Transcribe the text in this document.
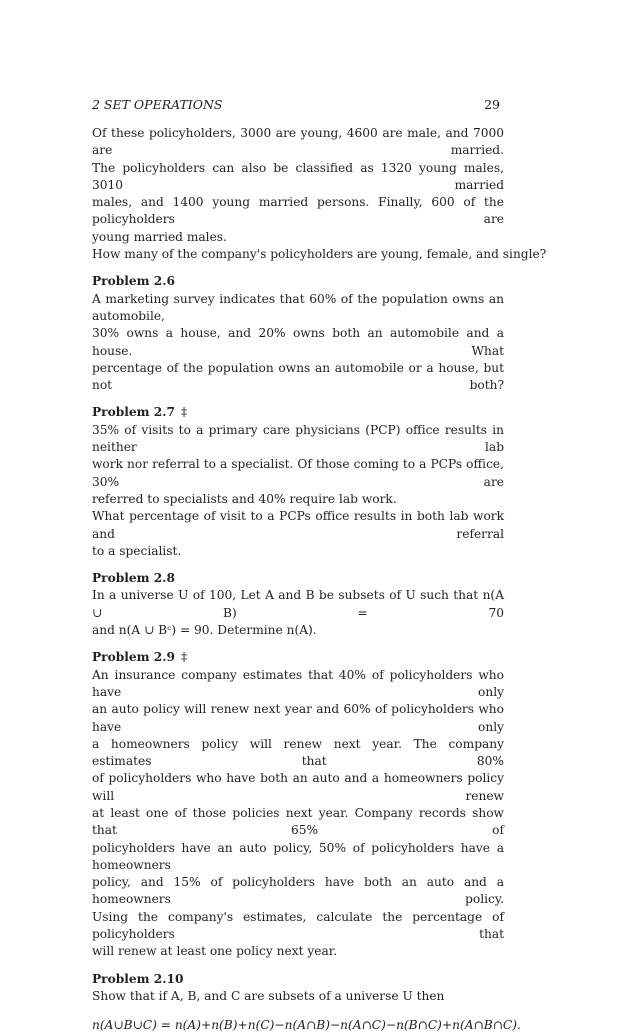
2 SET OPERATIONS	29
Of these policyholders, 3000 are young, 4600 are male, and 7000 are married.
The policyholders can also be classified as 1320 young males, 3010 married
males, and 1400 young married persons. Finally, 600 of the policyholders are
young married males.
How many of the company's policyholders are young, female, and single?
Problem 2.6
A marketing survey indicates that 60% of the population owns an automobile,
30% owns a house, and 20% owns both an automobile and a house. What
percentage of the population owns an automobile or a house, but not both?
Problem 2.7 ‡
35% of visits to a primary care physicians (PCP) office results in neither lab
work nor referral to a specialist. Of those coming to a PCPs office, 30% are
referred to specialists and 40% require lab work.
What percentage of visit to a PCPs office results in both lab work and referral
to a specialist.
Problem 2.8
In a universe U of 100, Let A and B be subsets of U such that n(A ∪ B) = 70
and n(A ∪ Bᶜ) = 90. Determine n(A).
Problem 2.9 ‡
An insurance company estimates that 40% of policyholders who have only
an auto policy will renew next year and 60% of policyholders who have only
a homeowners policy will renew next year. The company estimates that 80%
of policyholders who have both an auto and a homeowners policy will renew
at least one of those policies next year. Company records show that 65% of
policyholders have an auto policy, 50% of policyholders have a homeowners
policy, and 15% of policyholders have both an auto and a homeowners policy.
Using the company's estimates, calculate the percentage of policyholders that
will renew at least one policy next year.
Problem 2.10
Show that if A, B, and C are subsets of a universe U then
n(A∪B∪C) = n(A)+n(B)+n(C)−n(A∩B)−n(A∩C)−n(B∩C)+n(A∩B∩C).
